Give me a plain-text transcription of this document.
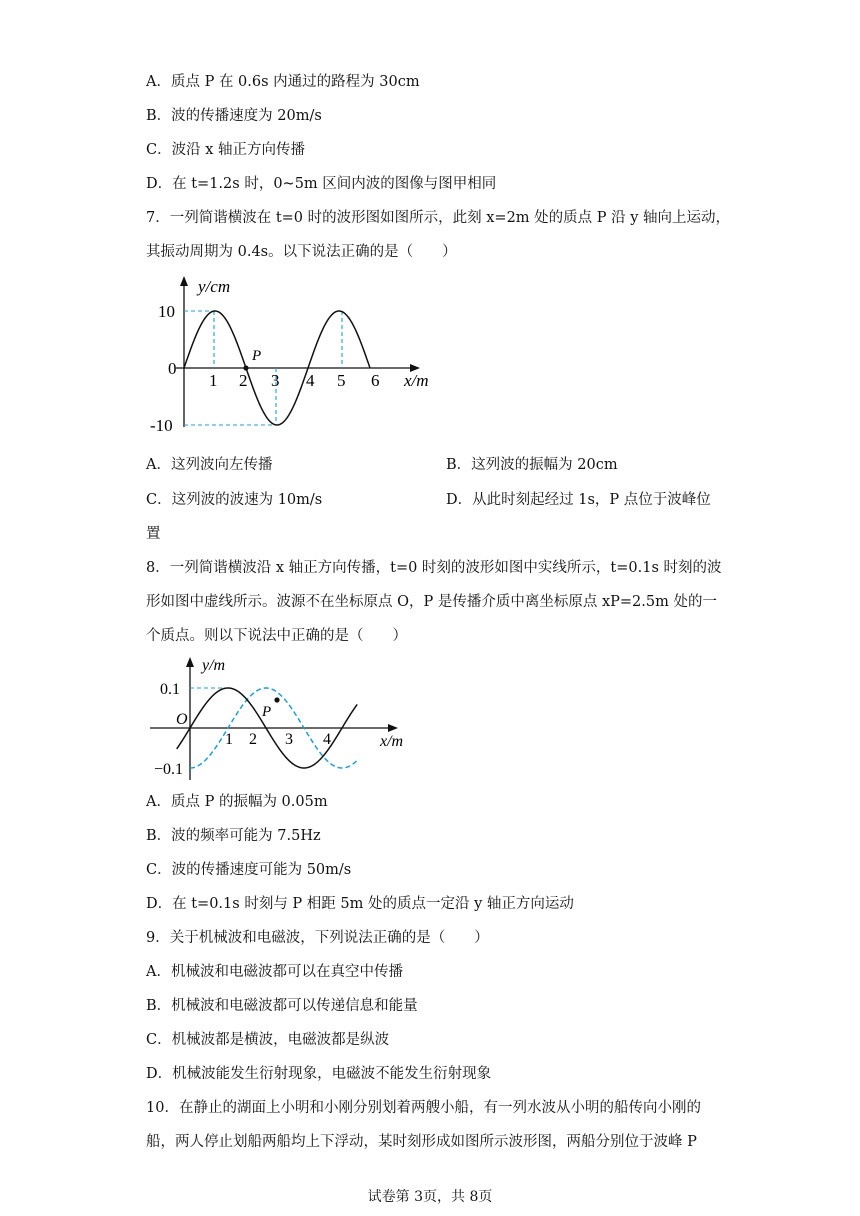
A．质点 P 在 0.6s 内通过的路程为 30cm
B．波的传播速度为 20m/s
C．波沿 x 轴正方向传播
D．在 t=1.2s 时，0~5m 区间内波的图像与图甲相同
7．一列简谐横波在 t=0 时的波形图如图所示，此刻 x=2m 处的质点 P 沿 y 轴向上运动，
其振动周期为 0.4s。以下说法正确的是（　　）
y/cm
x/m
0
10
-10
1 2 3 4 5 6
P
A．这列波向左传播	B．这列波的振幅为 20cm
C．这列波的波速为 10m/s	D．从此时刻起经过 1s，P 点位于波峰位
置
8．一列简谐横波沿 x 轴正方向传播，t=0 时刻的波形如图中实线所示，t=0.1s 时刻的波
形如图中虚线所示。波源不在坐标原点 O，P 是传播介质中离坐标原点 xP=2.5m 处的一
个质点。则以下说法中正确的是（　　）
y/m
x/m
O
0.1
−0.1
1 2 3 4
P
A．质点 P 的振幅为 0.05m
B．波的频率可能为 7.5Hz
C．波的传播速度可能为 50m/s
D．在 t=0.1s 时刻与 P 相距 5m 处的质点一定沿 y 轴正方向运动
9．关于机械波和电磁波，下列说法正确的是（　　）
A．机械波和电磁波都可以在真空中传播
B．机械波和电磁波都可以传递信息和能量
C．机械波都是横波，电磁波都是纵波
D．机械波能发生衍射现象，电磁波不能发生衍射现象
10．在静止的湖面上小明和小刚分别划着两艘小船，有一列水波从小明的船传向小刚的
船，两人停止划船两船均上下浮动，某时刻形成如图所示波形图，两船分别位于波峰 P
试卷第 3页，共 8页
